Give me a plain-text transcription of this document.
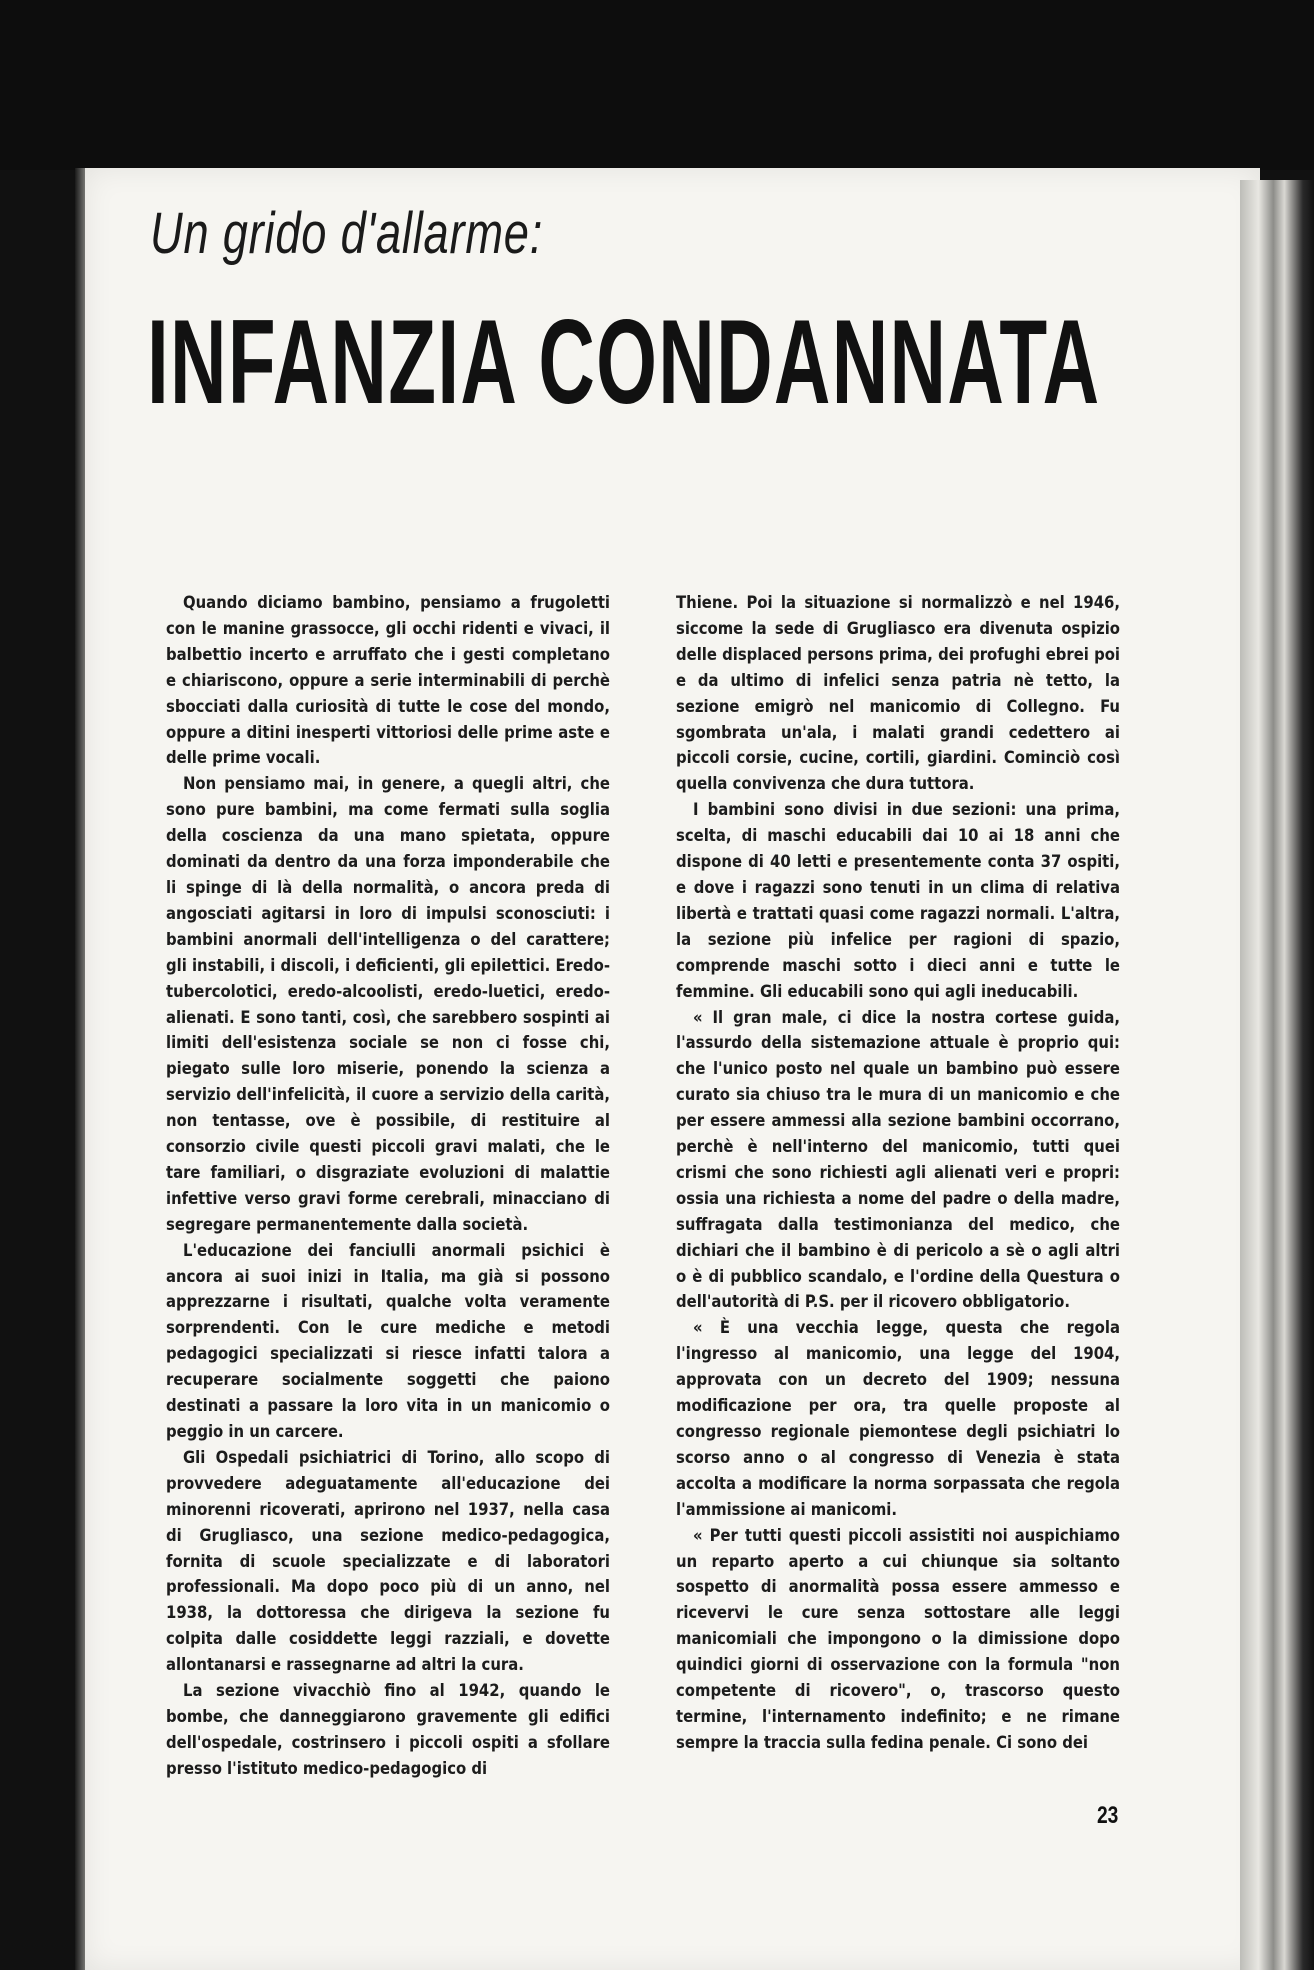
Un grido d'allarme:
INFANZIA CONDANNATA

Quando diciamo bambino, pensiamo a frugoletti con le manine grassocce, gli occhi ridenti e vivaci, il balbettio incerto e arruffato che i gesti completano e chiariscono, oppure a serie interminabili di perchè sbocciati dalla curiosità di tutte le cose del mondo, oppure a ditini inesperti vittoriosi delle prime aste e delle prime vocali.

Non pensiamo mai, in genere, a quegli altri, che sono pure bambini, ma come fermati sulla soglia della coscienza da una mano spietata, oppure dominati da dentro da una forza imponderabile che li spinge di là della normalità, o ancora preda di angosciati agitarsi in loro di impulsi sconosciuti: i bambini anormali dell'intelligenza o del carattere; gli instabili, i discoli, i deficienti, gli epilettici. Eredo-tubercolotici, eredo-alcoolisti, eredo-luetici, eredo-alienati. E sono tanti, così, che sarebbero sospinti ai limiti dell'esistenza sociale se non ci fosse chi, piegato sulle loro miserie, ponendo la scienza a servizio dell'infelicità, il cuore a servizio della carità, non tentasse, ove è possibile, di restituire al consorzio civile questi piccoli gravi malati, che le tare familiari, o disgraziate evoluzioni di malattie infettive verso gravi forme cerebrali, minacciano di segregare permanentemente dalla società.

L'educazione dei fanciulli anormali psichici è ancora ai suoi inizi in Italia, ma già si possono apprezzarne i risultati, qualche volta veramente sorprendenti. Con le cure mediche e metodi pedagogici specializzati si riesce infatti talora a recuperare socialmente soggetti che paiono destinati a passare la loro vita in un manicomio o peggio in un carcere.

Gli Ospedali psichiatrici di Torino, allo scopo di provvedere adeguatamente all'educazione dei minorenni ricoverati, aprirono nel 1937, nella casa di Grugliasco, una sezione medico-pedagogica, fornita di scuole specializzate e di laboratori professionali. Ma dopo poco più di un anno, nel 1938, la dottoressa che dirigeva la sezione fu colpita dalle cosiddette leggi razziali, e dovette allontanarsi e rassegnarne ad altri la cura.

La sezione vivacchiò fino al 1942, quando le bombe, che danneggiarono gravemente gli edifici dell'ospedale, costrinsero i piccoli ospiti a sfollare presso l'istituto medico-pedagogico di

Thiene. Poi la situazione si normalizzò e nel 1946, siccome la sede di Grugliasco era divenuta ospizio delle displaced persons prima, dei profughi ebrei poi e da ultimo di infelici senza patria nè tetto, la sezione emigrò nel manicomio di Collegno. Fu sgombrata un'ala, i malati grandi cedettero ai piccoli corsie, cucine, cortili, giardini. Cominciò così quella convivenza che dura tuttora.

I bambini sono divisi in due sezioni: una prima, scelta, di maschi educabili dai 10 ai 18 anni che dispone di 40 letti e presentemente conta 37 ospiti, e dove i ragazzi sono tenuti in un clima di relativa libertà e trattati quasi come ragazzi normali. L'altra, la sezione più infelice per ragioni di spazio, comprende maschi sotto i dieci anni e tutte le femmine. Gli educabili sono qui agli ineducabili.

« Il gran male, ci dice la nostra cortese guida, l'assurdo della sistemazione attuale è proprio qui: che l'unico posto nel quale un bambino può essere curato sia chiuso tra le mura di un manicomio e che per essere ammessi alla sezione bambini occorrano, perchè è nell'interno del manicomio, tutti quei crismi che sono richiesti agli alienati veri e propri: ossia una richiesta a nome del padre o della madre, suffragata dalla testimonianza del medico, che dichiari che il bambino è di pericolo a sè o agli altri o è di pubblico scandalo, e l'ordine della Questura o dell'autorità di P.S. per il ricovero obbligatorio.

« È una vecchia legge, questa che regola l'ingresso al manicomio, una legge del 1904, approvata con un decreto del 1909; nessuna modificazione per ora, tra quelle proposte al congresso regionale piemontese degli psichiatri lo scorso anno o al congresso di Venezia è stata accolta a modificare la norma sorpassata che regola l'ammissione ai manicomi.

« Per tutti questi piccoli assistiti noi auspichiamo un reparto aperto a cui chiunque sia soltanto sospetto di anormalità possa essere ammesso e ricevervi le cure senza sottostare alle leggi manicomiali che impongono o la dimissione dopo quindici giorni di osservazione con la formula "non competente di ricovero", o, trascorso questo termine, l'internamento indefinito; e ne rimane sempre la traccia sulla fedina penale. Ci sono dei

23
